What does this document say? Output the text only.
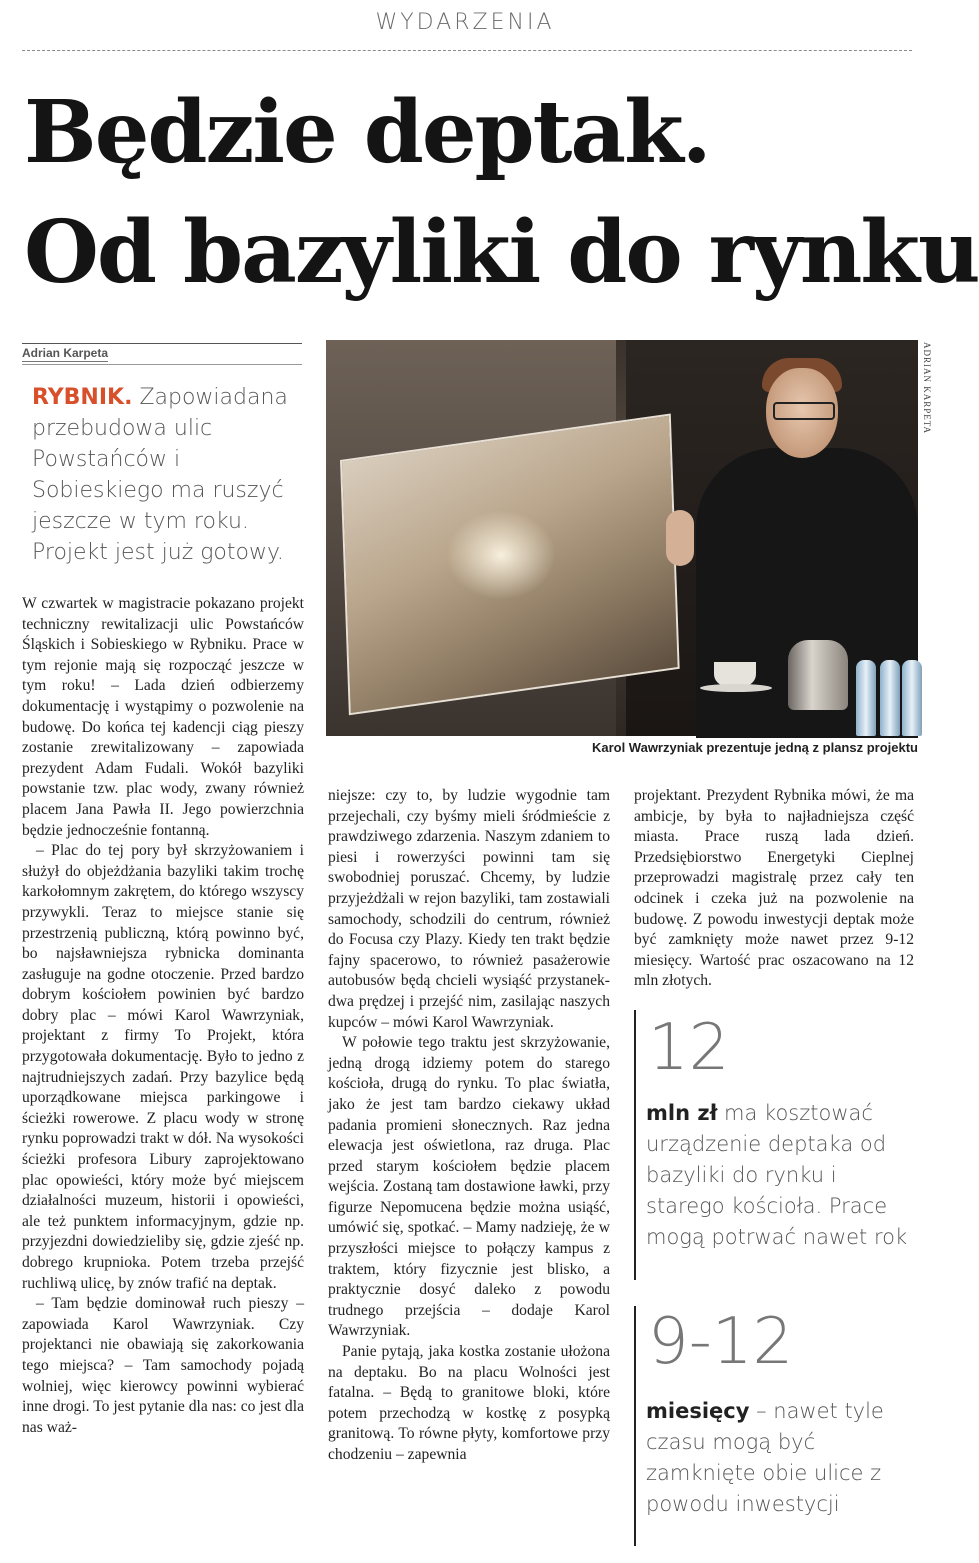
WYDARZENIA
Będzie deptak.
Od bazyliki do rynku
Adrian Karpeta
RYBNIK. Zapowiadana przebudowa ulic Powstańców i Sobieskiego ma ruszyć jeszcze w tym roku. Projekt jest już gotowy.
ADRIAN KARPETA
Karol Wawrzyniak prezentuje jedną z plansz projektu

W czwartek w magistracie pokazano projekt techniczny rewitalizacji ulic Powstańców Śląskich i Sobieskiego w Rybniku. Prace w tym rejonie mają się rozpocząć jeszcze w tym roku! – Lada dzień odbierzemy dokumentację i wystąpimy o pozwolenie na budowę. Do końca tej kadencji ciąg pieszy zostanie zrewitalizowany – zapowiada prezydent Adam Fudali. Wokół bazyliki powstanie tzw. plac wody, zwany również placem Jana Pawła II. Jego powierzchnia będzie jednocześnie fontanną.

– Plac do tej pory był skrzyżowaniem i służył do objeżdżania bazyliki takim trochę karkołomnym zakrętem, do którego wszyscy przywykli. Teraz to miejsce stanie się przestrzenią publiczną, którą powinno być, bo najsławniejsza rybnicka dominanta zasługuje na godne otoczenie. Przed bardzo dobrym kościołem powinien być bardzo dobry plac – mówi Karol Wawrzyniak, projektant z firmy To Projekt, która przygotowała dokumentację. Było to jedno z najtrudniejszych zadań. Przy bazylice będą uporządkowane miejsca parkingowe i ścieżki rowerowe. Z placu wody w stronę rynku poprowadzi trakt w dół. Na wysokości ścieżki profesora Libury zaprojektowano plac opowieści, który może być miejscem działalności muzeum, historii i opowieści, ale też punktem informacyjnym, gdzie np. przyjezdni dowiedzieliby się, gdzie zjeść np. dobrego krupnioka. Potem trzeba przejść ruchliwą ulicę, by znów trafić na deptak.

– Tam będzie dominował ruch pieszy – zapowiada Karol Wawrzyniak. Czy projektanci nie obawiają się zakorkowania tego miejsca? – Tam samochody pojadą wolniej, więc kierowcy powinni wybierać inne drogi. To jest pytanie dla nas: co jest dla nas waż-

niejsze: czy to, by ludzie wygodnie tam przejechali, czy byśmy mieli śródmieście z prawdziwego zdarzenia. Naszym zdaniem to piesi i rowerzyści powinni tam się swobodniej poruszać. Chcemy, by ludzie przyjeżdżali w rejon bazyliki, tam zostawiali samochody, schodzili do centrum, również do Focusa czy Plazy. Kiedy ten trakt będzie fajny spacerowo, to również pasażerowie autobusów będą chcieli wysiąść przystanek-dwa prędzej i przejść nim, zasilając naszych kupców – mówi Karol Wawrzyniak.

W połowie tego traktu jest skrzyżowanie, jedną drogą idziemy potem do starego kościoła, drugą do rynku. To plac światła, jako że jest tam bardzo ciekawy układ padania promieni słonecznych. Raz jedna elewacja jest oświetlona, raz druga. Plac przed starym kościołem będzie placem wejścia. Zostaną tam dostawione ławki, przy figurze Nepomucena będzie można usiąść, umówić się, spotkać. – Mamy nadzieję, że w przyszłości miejsce to połączy kampus z traktem, który fizycznie jest blisko, a praktycznie dosyć daleko z powodu trudnego przejścia – dodaje Karol Wawrzyniak.

Panie pytają, jaka kostka zostanie ułożona na deptaku. Bo na placu Wolności jest fatalna. – Będą to granitowe bloki, które potem przechodzą w kostkę z posypką granitową. To równe płyty, komfortowe przy chodzeniu – zapewnia

projektant. Prezydent Rybnika mówi, że ma ambicje, by była to najładniejsza część miasta. Prace ruszą lada dzień. Przedsiębiorstwo Energetyki Cieplnej przeprowadzi magistralę przez cały ten odcinek i czeka już na pozwolenie na budowę. Z powodu inwestycji deptak może być zamknięty może nawet przez 9-12 miesięcy. Wartość prac oszacowano na 12 mln złotych.

12
mln zł ma kosztować urządzenie deptaka od bazyliki do rynku i starego kościoła. Prace mogą potrwać nawet rok
9-12
miesięcy – nawet tyle czasu mogą być zamknięte obie ulice z powodu inwestycji
